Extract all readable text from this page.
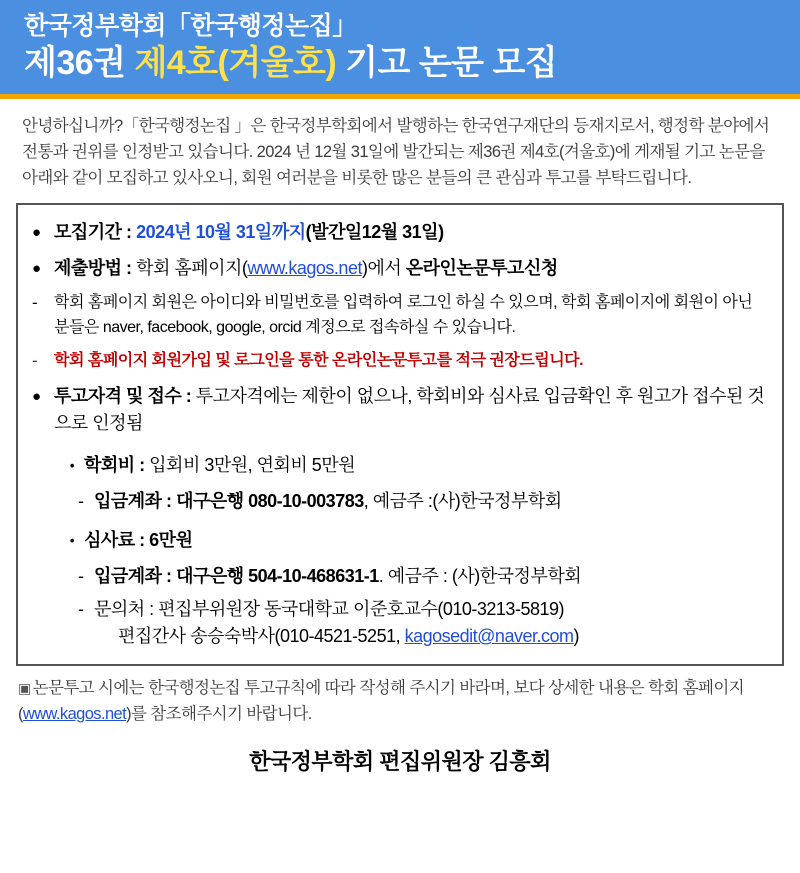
한국정부학회「한국행정논집」
제36권 제4호(겨울호) 기고 논문 모집
안녕하십니까?「한국행정논집 」은 한국정부학회에서 발행하는 한국연구재단의 등재지로서, 행정학 분야에서 전통과 권위를 인정받고 있습니다. 2024 년 12월 31일에 발간되는 제36권 제4호(겨울호)에 게재될 기고 논문을 아래와 같이 모집하고 있사오니, 회원 여러분을 비롯한 많은 분들의 큰 관심과 투고를 부탁드립니다.
● 모집기간 : 2024년 10월 31일까지(발간일12월 31일)
● 제출방법 : 학회 홈페이지(www.kagos.net)에서 온라인논문투고신청
-	학회 홈페이지 회원은 아이디와 비밀번호를 입력하여 로그인 하실 수 있으며, 학회 홈페이지에 회원이 아닌 분들은 naver, facebook, google, orcid 계정으로 접속하실 수 있습니다.
-	학회 홈페이지 회원가입 및 로그인을 통한 온라인논문투고를 적극 권장드립니다.
● 투고자격 및 접수 : 투고자격에는 제한이 없으나, 학회비와 심사료 입금확인 후 원고가 접수된 것으로 인정됨
• 학회비 : 입회비 3만원, 연회비 5만원
- 입금계좌 : 대구은행 080-10-003783, 예금주 :(사)한국정부학회
• 심사료 : 6만원
- 입금계좌 : 대구은행 504-10-468631-1. 예금주 : (사)한국정부학회
- 문의처 : 편집부위원장 동국대학교 이준호교수(010-3213-5819)
편집간사 송승숙박사(010-4521-5251, kagosedit@naver.com)
▣ 논문투고 시에는 한국행정논집 투고규칙에 따라 작성해 주시기 바라며, 보다 상세한 내용은 학회 홈페이지(www.kagos.net)를 참조해주시기 바랍니다.
한국정부학회 편집위원장 김흥회
